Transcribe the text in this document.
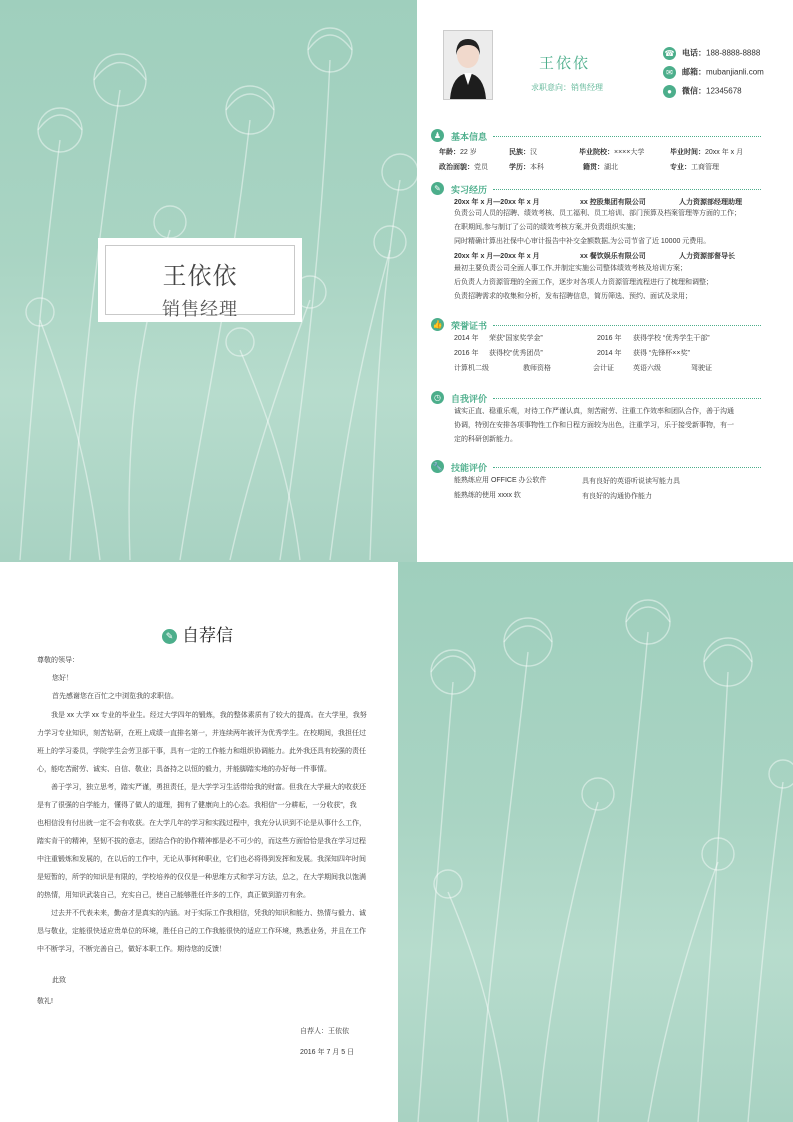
王依依
销售经理
王依依
求职意向：销售经理
☎ 电话：188-8888-8888
✉ 邮箱：mubanjianli.com
● 微信：12345678
♟	基本信息
年龄：22 岁	民族：汉	毕业院校：××××大学	毕业时间：20xx 年 x 月
政治面貌：党员	学历：本科	籍贯：湖北	专业：工商管理
✎	实习经历
20xx 年 x 月—20xx 年 x 月	xx 控股集团有限公司	人力资源部经理助理
负责公司人员的招聘、绩效考核、员工福利、员工培训、部门预算及档案管理等方面的工作；
在职期间,参与制订了公司的绩效考核方案,并负责组织实施；
同时精确计算出社保中心审计报告中补交金额数据,为公司节省了近 10000 元费用。
20xx 年 x 月—20xx 年 x 月	xx 餐饮娱乐有限公司	人力资源部督导长
最初主要负责公司全面人事工作,并制定实施公司整体绩效考核及培训方案；
后负责人力资源管理的全面工作，逐步对各项人力资源管理流程进行了梳理和调整；
负责招聘需求的收集和分析，发布招聘信息，简历筛选、预约、面试及录用；
👍 荣誉证书
2014 年 荣获“国家奖学金”	2016 年 获得学校 “优秀学生干部”
2016 年 获得校“优秀团员”	2014 年 获得 “先锋杯××奖”
计算机二级	教师资格	会计证	英语六级	驾驶证
◷	自我评价
诚实正直、稳重乐观，对待工作严谨认真，刻苦耐劳、注重工作效率和团队合作，善于沟通
协调，特别在安排各项事物性工作和日程方面较为出色，注重学习，乐于接受新事物，有一
定的科研创新能力。
🔧 技能评价
能熟练应用 OFFICE 办公软件	具有良好的英语听说读写能力具
能熟练的使用 xxxx 软	有良好的沟通协作能力
✎ 自荐信
尊敬的领导：
您好！
首先感谢您在百忙之中浏览我的求职信。
我是 xx 大学 xx 专业的毕业生。经过大学四年的锻炼，我的整体素质有了较大的提高。在大学里，我努
力学习专业知识，刻苦钻研，在班上成绩一直排名第一，并连续两年被评为优秀学生。在校期间，我担任过
班上的学习委员，学院学生会劳卫部干事，具有一定的工作能力和组织协调能力。此外我还具有较强的责任
心，能吃苦耐劳、诚实、自信、敬业；具备持之以恒的毅力，并能脚踏实地的办好每一件事情。
善于学习，独立思考，踏实严谨，勇担责任，是大学学习生活带给我的财富。但我在大学最大的收获还
是有了很强的自学能力，懂得了做人的道理，拥有了健康向上的心态。我相信“一分耕耘，一分收获”，我
也相信没有付出就一定不会有收获。在大学几年的学习和实践过程中，我充分认识到不论是从事什么工作，
踏实肯干的精神，坚韧不拔的意志，团结合作的协作精神都是必不可少的，而这些方面恰恰是我在学习过程
中注重锻炼和发展的，在以后的工作中，无论从事何种职业，它们也必将得到发挥和发展。我深知四年时间
是短暂的，所学的知识是有限的，学校培养的仅仅是一种思维方式和学习方法，总之，在大学期间我以饱满
的热情，用知识武装自己，充实自己，使自己能够胜任许多的工作，真正做到游刃有余。
过去并不代表未来，勤奋才是真实的内涵。对于实际工作我相信，凭我的知识和能力、热情与毅力、诚
恳与敬业，定能很快适应贵单位的环境，胜任自己的工作我能很快的适应工作环境，熟悉业务，并且在工作
中不断学习，不断完善自己，做好本职工作。期待您的反馈！
此致
敬礼!
自荐人：王依依
2016 年 7 月 5 日
